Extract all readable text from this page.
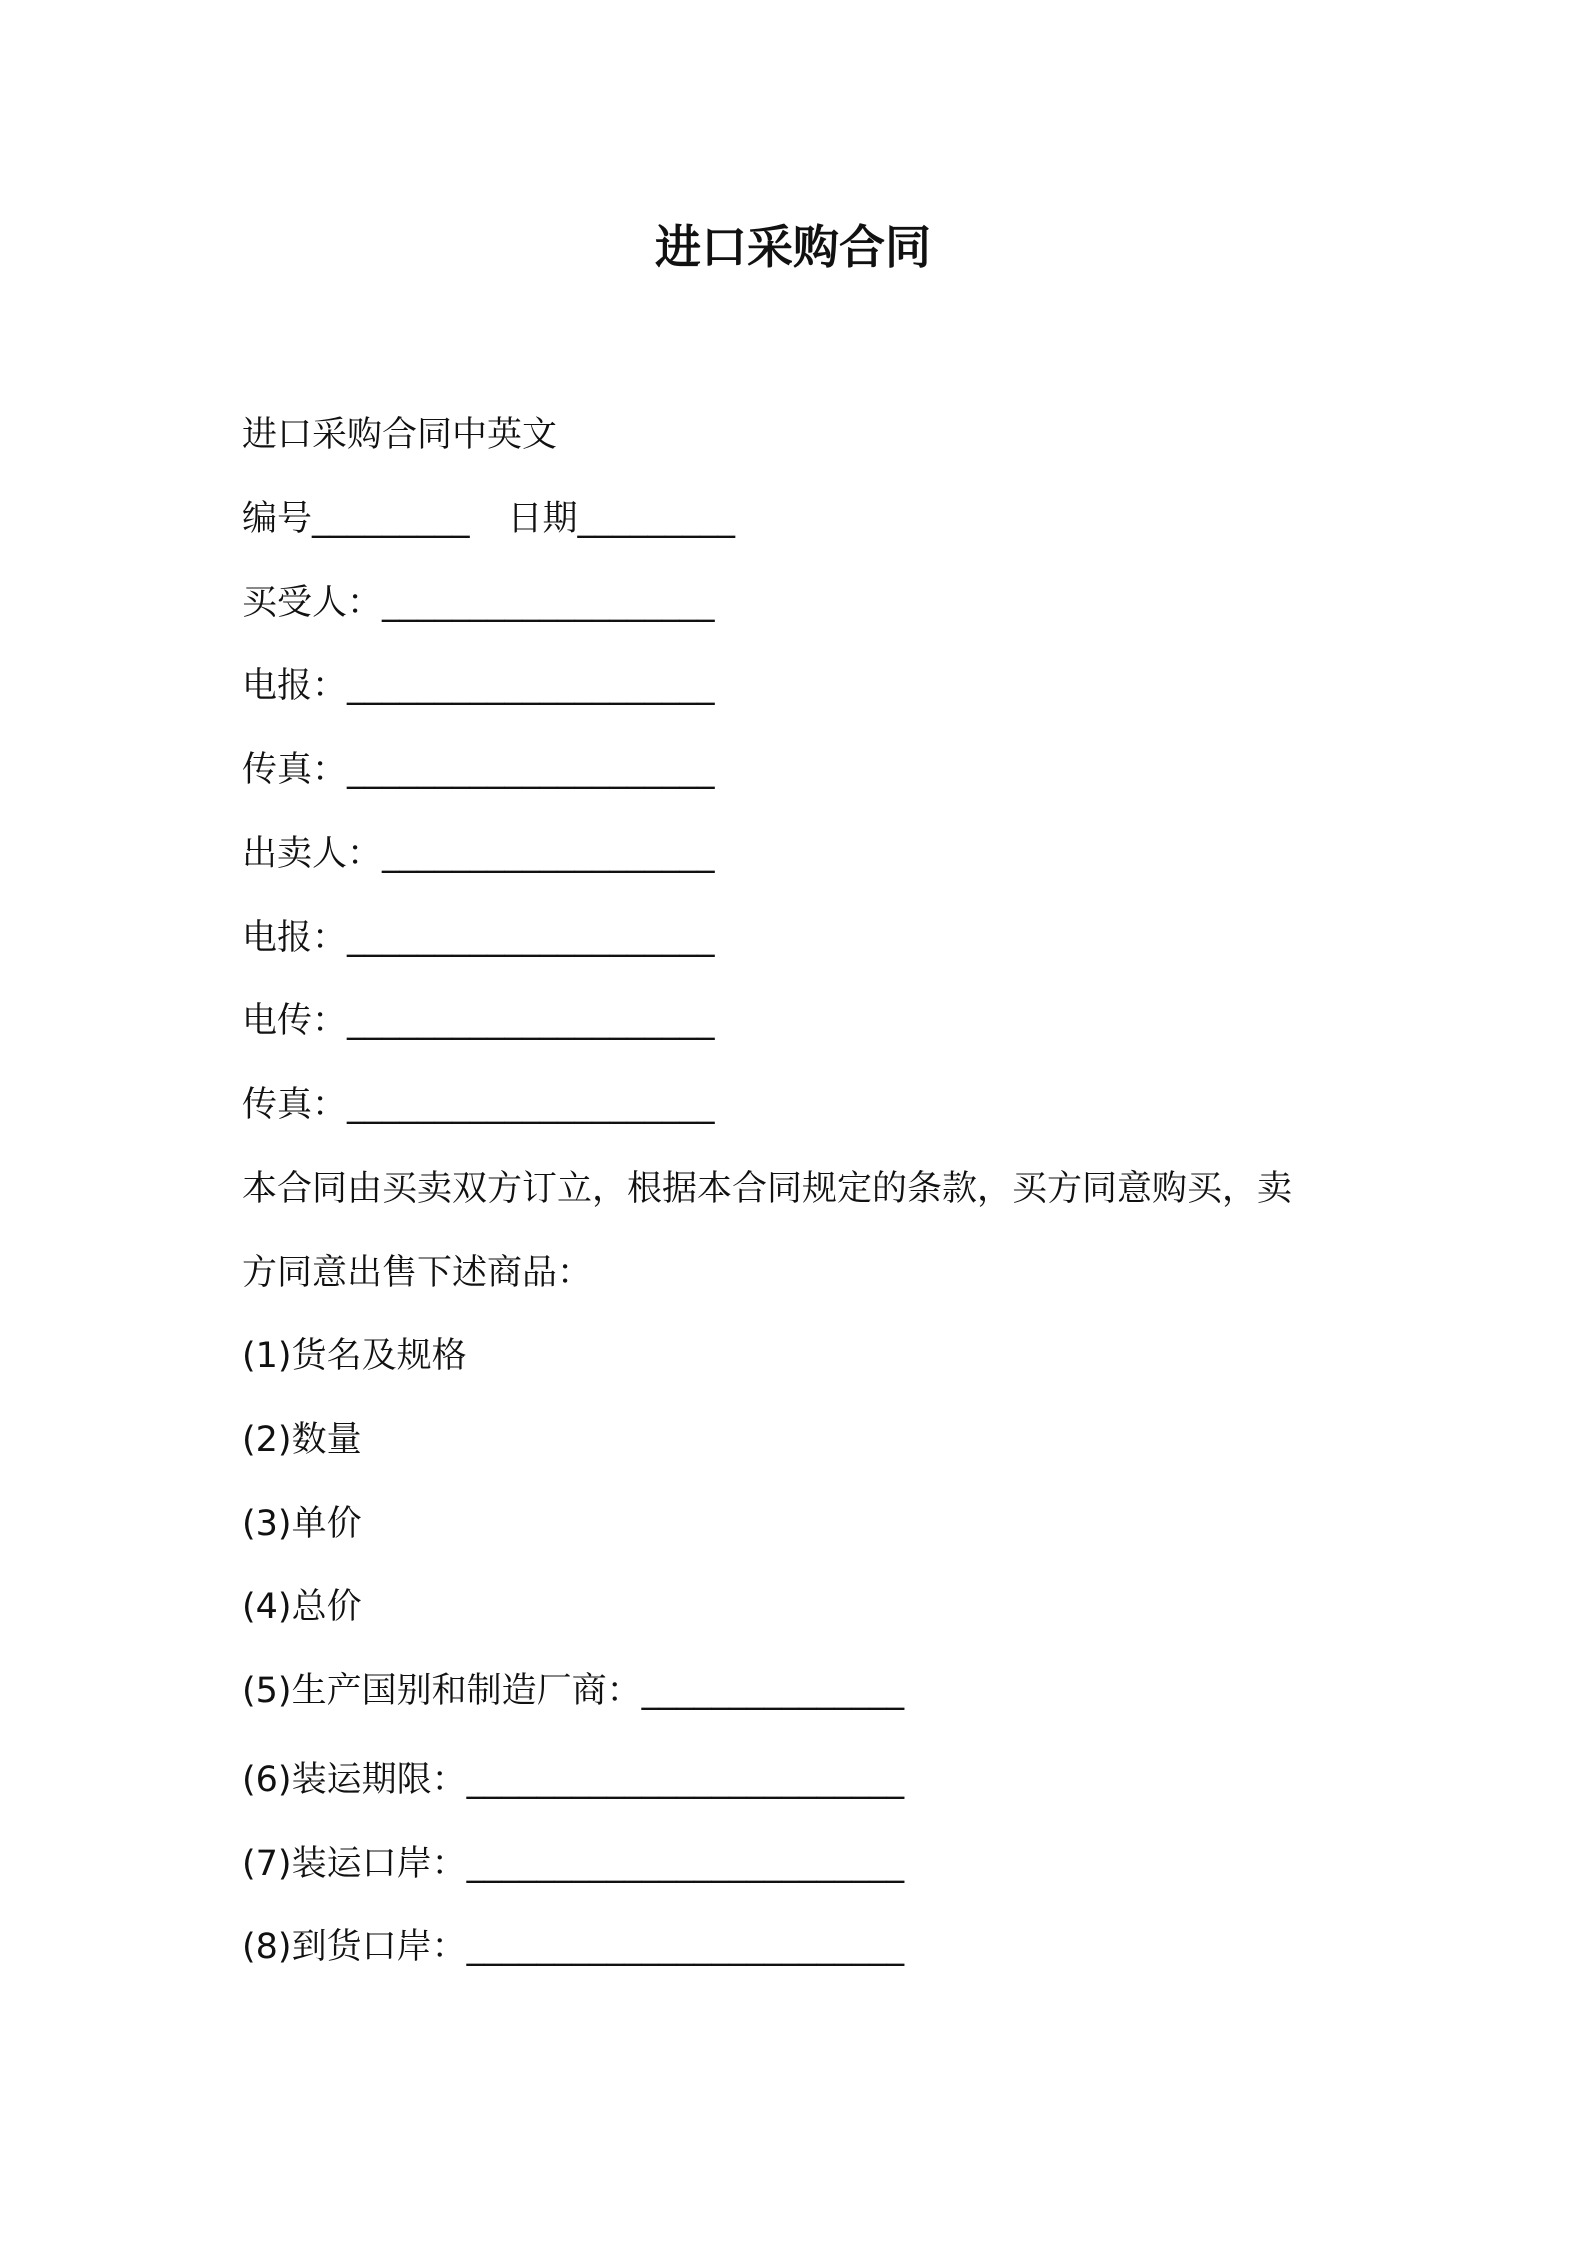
进口采购合同
进口采购合同中英文
编号_________ 日期_________
买受人：___________________
电报：_____________________
传真：_____________________
出卖人：___________________
电报：_____________________
电传：_____________________
传真：_____________________
本合同由买卖双方订立，根据本合同规定的条款，买方同意购买，卖
方同意出售下述商品：
(1)货名及规格
(2)数量
(3)单价
(4)总价
(5)生产国别和制造厂商：_______________
(6)装运期限：_________________________
(7)装运口岸：_________________________
(8)到货口岸：_________________________
